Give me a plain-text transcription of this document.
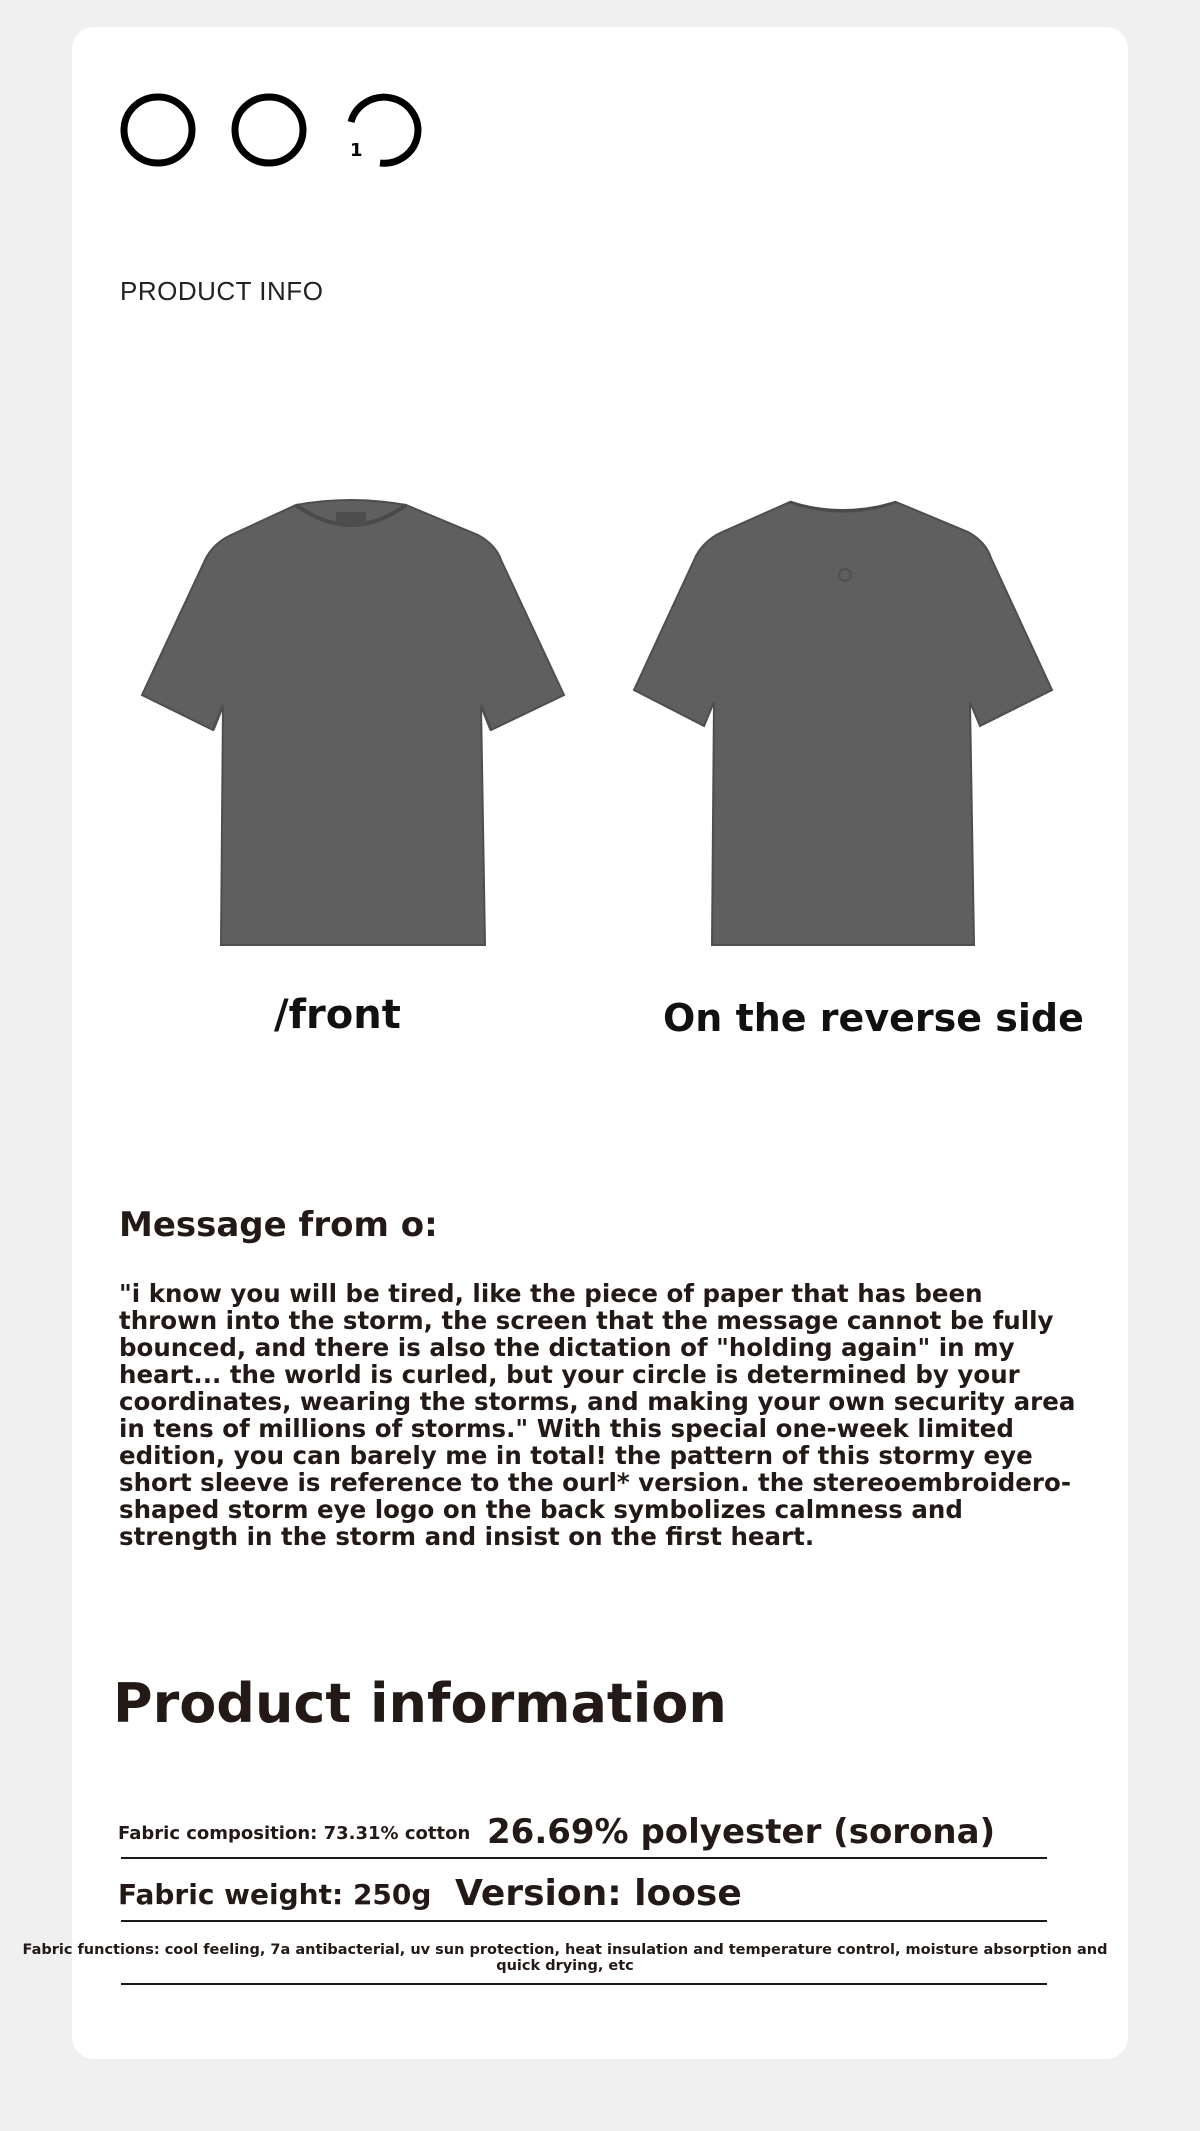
1
PRODUCT INFO
/front	On the reverse side
Message from o:

"i know you will be tired, like the piece of paper that has been thrown into the storm, the screen that the message cannot be fully bounced, and there is also the dictation of "holding again" in my heart... the world is curled, but your circle is determined by your coordinates, wearing the storms, and making your own security area in tens of millions of storms." With this special one-week limited edition, you can barely me in total! the pattern of this stormy eye short sleeve is reference to the ourl* version. the stereoembroidero-shaped storm eye logo on the back symbolizes calmness and strength in the storm and insist on the first heart.

Product information
Fabric composition: 73.31% cotton 26.69% polyester (sorona)
Fabric weight: 250g Version: loose
Fabric functions: cool feeling, 7a antibacterial, uv sun protection, heat insulation and temperature control, moisture absorption and quick drying, etc
